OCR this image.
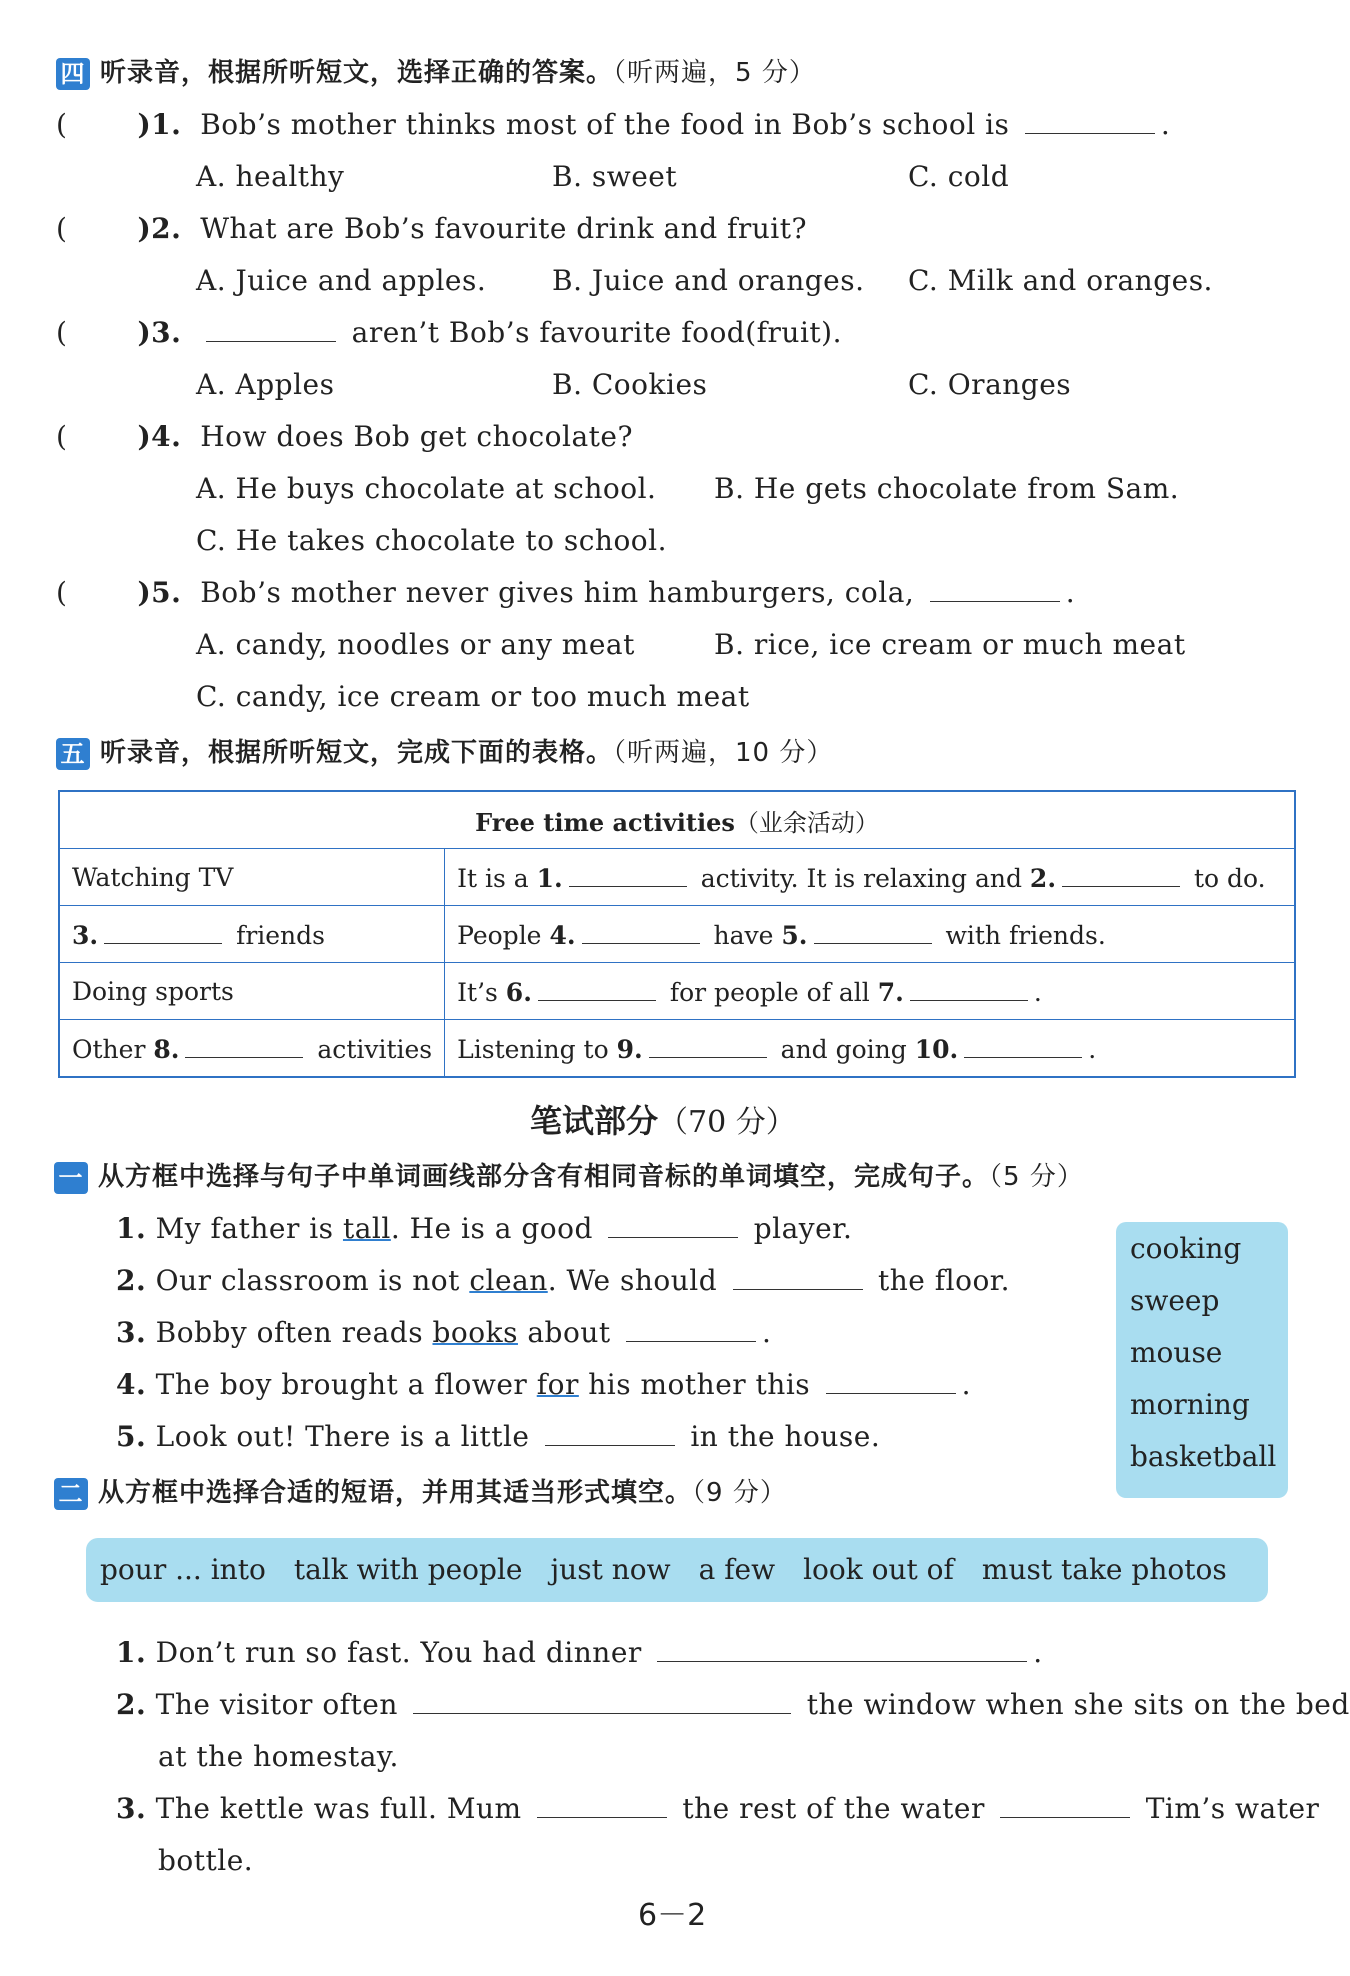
四 听录音，根据所听短文，选择正确的答案。（听两遍，5 分）
(	)1. Bob’s mother thinks most of the food in Bob’s school is	.
A. healthy	B. sweet	C. cold
(	)2. What are Bob’s favourite drink and fruit?
A. Juice and apples. B. Juice and oranges. C. Milk and oranges.
(	)3.	aren’t Bob’s favourite food(fruit).
A. Apples	B. Cookies	C. Oranges
(	)4. How does Bob get chocolate?
A. He buys chocolate at school. B. He gets chocolate from Sam.
C. He takes chocolate to school.
(	)5. Bob’s mother never gives him hamburgers, cola,	.
A. candy, noodles or any meat	B. rice, ice cream or much meat
C. candy, ice cream or too much meat
五 听录音，根据所听短文，完成下面的表格。（听两遍，10 分）
Free time activities（业余活动）	
Watching TV	It is a 1. activity. It is relaxing and 2. to do.
3. friends	People 4. have 5. with friends.
Doing sports	It’s 6. for people of all 7. .
Other 8. activities	Listening to 9. and going 10. .
笔试部分（70 分）
一 从方框中选择与句子中单词画线部分含有相同音标的单词填空，完成句子。（5 分）
1. My father is tall. He is a good	player.
2. Our classroom is not clean. We should	the floor.
3. Bobby often reads books about	.
4. The boy brought a flower for his mother this	.
5. Look out! There is a little	in the house.
cooking
sweep
mouse
morning
basketball
二 从方框中选择合适的短语，并用其适当形式填空。（9 分）
pour ... into talk with people just now a few look out of must take photos
1. Don’t run so fast. You had dinner	.
2. The visitor often	the window when she sits on the bed
at the homestay.
3. The kettle was full. Mum	the rest of the water	Tim’s water
bottle.
6－2
